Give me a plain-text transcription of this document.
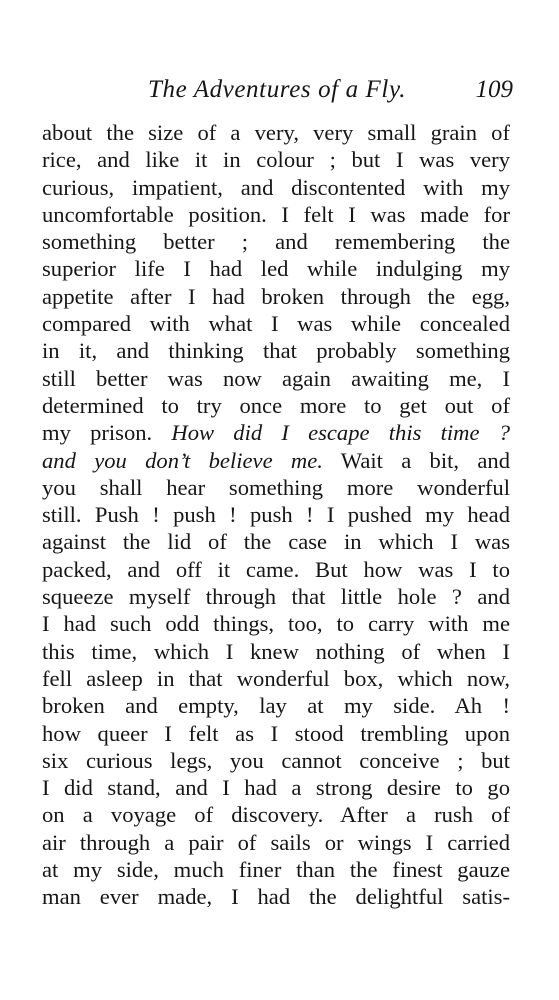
The Adventures of a Fly.	109
about the size of a very, very small grain of
rice, and like it in colour ; but I was very
curious, impatient, and discontented with my
uncomfortable position. I felt I was made for
something better ; and remembering the
superior life I had led while indulging my
appetite after I had broken through the egg,
compared with what I was while concealed
in it, and thinking that probably something
still better was now again awaiting me, I
determined to try once more to get out of
my prison. How did I escape this time ?
and you don’t believe me. Wait a bit, and
you shall hear something more wonderful
still. Push ! push ! push ! I pushed my head
against the lid of the case in which I was
packed, and off it came. But how was I to
squeeze myself through that little hole ? and
I had such odd things, too, to carry with me
this time, which I knew nothing of when I
fell asleep in that wonderful box, which now,
broken and empty, lay at my side. Ah !
how queer I felt as I stood trembling upon
six curious legs, you cannot conceive ; but
I did stand, and I had a strong desire to go
on a voyage of discovery. After a rush of
air through a pair of sails or wings I carried
at my side, much finer than the finest gauze
man ever made, I had the delightful satis-
